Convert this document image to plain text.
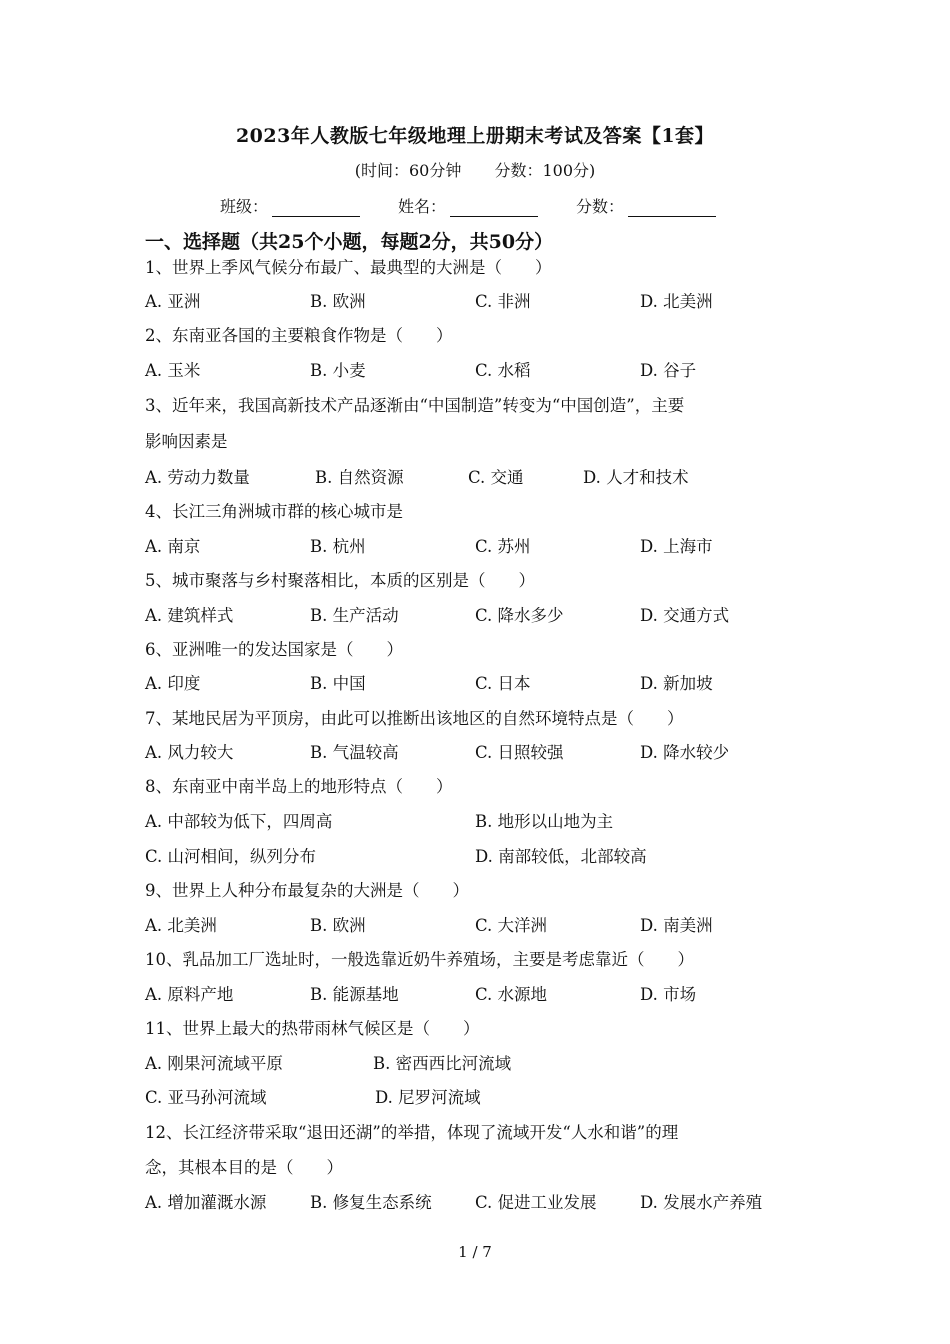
2023年人教版七年级地理上册期末考试及答案【1套】
(时间：60分钟 分数：100分)
班级：	姓名：	分数：
一、选择题（共25个小题，每题2分，共50分）
1、世界上季风气候分布最广、最典型的大洲是（　　）
A. 亚洲	B. 欧洲	C. 非洲	D. 北美洲
2、东南亚各国的主要粮食作物是（　　）
A. 玉米	B. 小麦	C. 水稻	D. 谷子
3、近年来，我国高新技术产品逐渐由“中国制造”转变为“中国创造”，主要
影响因素是
A. 劳动力数量	B. 自然资源	C. 交通	D. 人才和技术
4、长江三角洲城市群的核心城市是
A. 南京	B. 杭州	C. 苏州	D. 上海市
5、城市聚落与乡村聚落相比，本质的区别是（　　）
A. 建筑样式	B. 生产活动	C. 降水多少	D. 交通方式
6、亚洲唯一的发达国家是（　　）
A. 印度	B. 中国	C. 日本	D. 新加坡
7、某地民居为平顶房，由此可以推断出该地区的自然环境特点是（　　）
A. 风力较大	B. 气温较高	C. 日照较强	D. 降水较少
8、东南亚中南半岛上的地形特点（　　）
A. 中部较为低下，四周高	B. 地形以山地为主
C. 山河相间，纵列分布	D. 南部较低，北部较高
9、世界上人种分布最复杂的大洲是（　　）
A. 北美洲	B. 欧洲	C. 大洋洲	D. 南美洲
10、乳品加工厂选址时，一般选靠近奶牛养殖场，主要是考虑靠近（　　）
A. 原料产地	B. 能源基地	C. 水源地	D. 市场
11、世界上最大的热带雨林气候区是（　　）
A. 刚果河流域平原	B. 密西西比河流域
C. 亚马孙河流域	D. 尼罗河流域
12、长江经济带采取“退田还湖”的举措，体现了流域开发“人水和谐”的理
念，其根本目的是（　　）
A. 增加灌溉水源	B. 修复生态系统	C. 促进工业发展	D. 发展水产养殖
1 / 7
